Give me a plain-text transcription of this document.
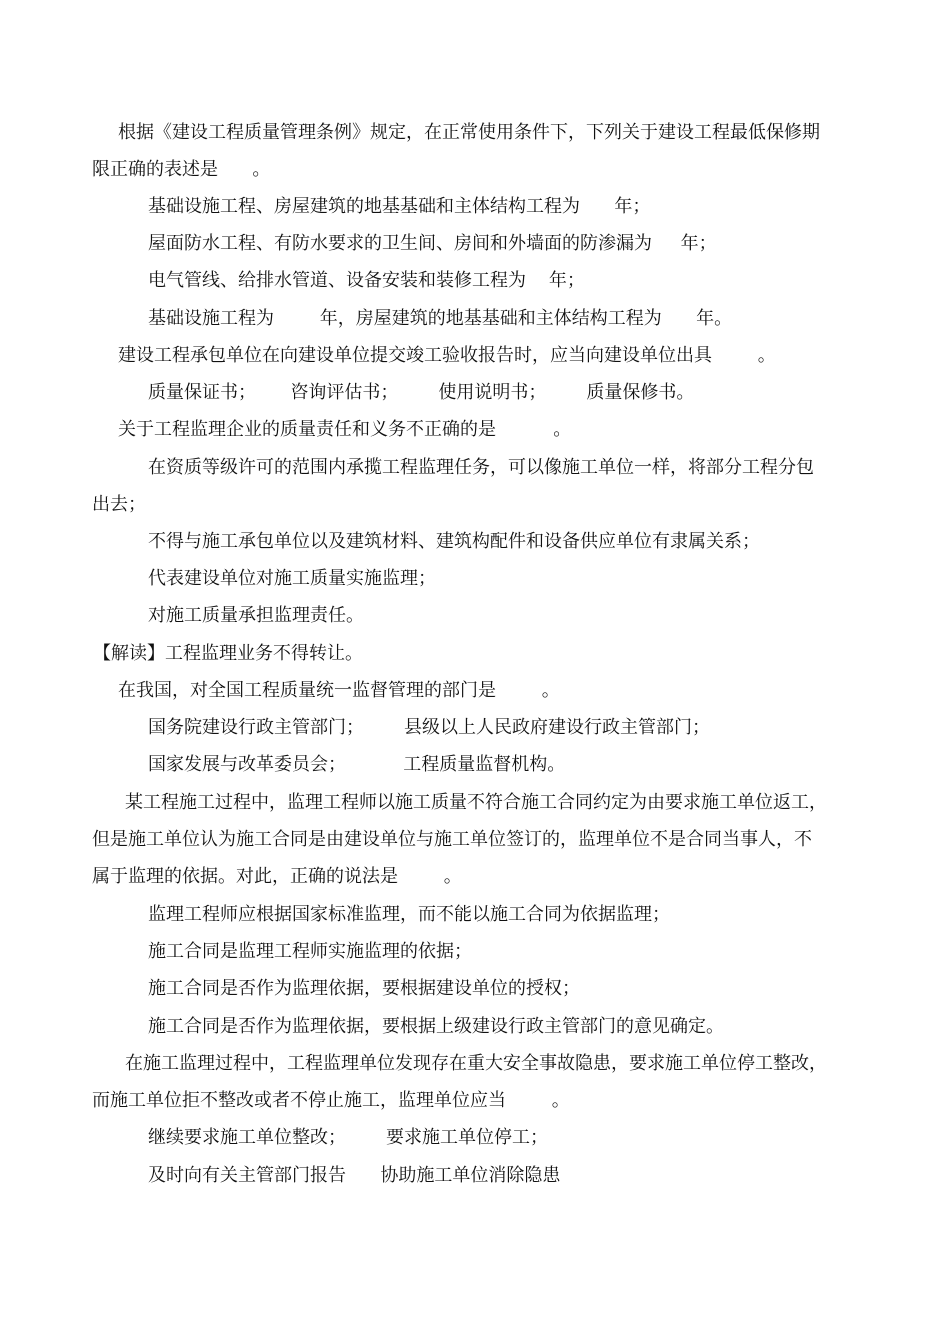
根据《建设工程质量管理条例》规定，在正常使用条件下，下列关于建设工程最低保修期

限正确的表述是      。

基础设施工程、房屋建筑的地基基础和主体结构工程为      年；

屋面防水工程、有防水要求的卫生间、房间和外墙面的防渗漏为     年；

电气管线、给排水管道、设备安装和装修工程为    年；

基础设施工程为        年，房屋建筑的地基基础和主体结构工程为      年。

建设工程承包单位在向建设单位提交竣工验收报告时，应当向建设单位出具        。

质量保证书；      咨询评估书；       使用说明书；       质量保修书。

关于工程监理企业的质量责任和义务不正确的是          。

在资质等级许可的范围内承揽工程监理任务，可以像施工单位一样，将部分工程分包

出去；

不得与施工承包单位以及建筑材料、建筑构配件和设备供应单位有隶属关系；

代表建设单位对施工质量实施监理；

对施工质量承担监理责任。

【解读】工程监理业务不得转让。

在我国，对全国工程质量统一监督管理的部门是        。

国务院建设行政主管部门；       县级以上人民政府建设行政主管部门；

国家发展与改革委员会；          工程质量监督机构。

某工程施工过程中，监理工程师以施工质量不符合施工合同约定为由要求施工单位返工，

但是施工单位认为施工合同是由建设单位与施工单位签订的，监理单位不是合同当事人，不

属于监理的依据。对此，正确的说法是        。

监理工程师应根据国家标准监理，而不能以施工合同为依据监理；

施工合同是监理工程师实施监理的依据；

施工合同是否作为监理依据，要根据建设单位的授权；

施工合同是否作为监理依据，要根据上级建设行政主管部门的意见确定。

在施工监理过程中，工程监理单位发现存在重大安全事故隐患，要求施工单位停工整改，

而施工单位拒不整改或者不停止施工，监理单位应当        。

继续要求施工单位整改；       要求施工单位停工；

及时向有关主管部门报告      协助施工单位消除隐患
